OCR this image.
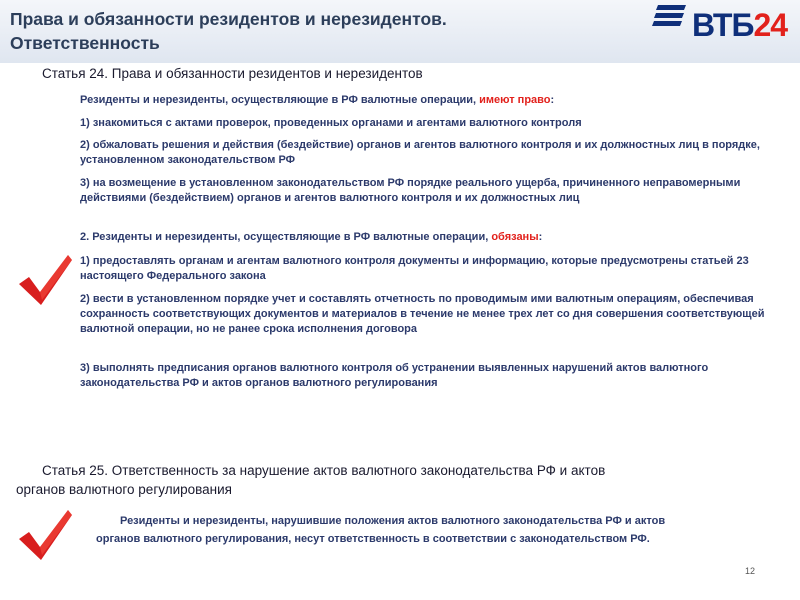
Права и обязанности резидентов и нерезидентов.
Ответственность	ВТБ24
Статья 24. Права и обязанности резидентов и нерезидентов
Резиденты и нерезиденты, осуществляющие в РФ валютные операции, имеют право:
1) знакомиться с актами проверок, проведенных органами и агентами валютного контроля
2) обжаловать решения и действия (бездействие) органов и агентов валютного контроля и их должностных лиц в порядке, установленном законодательством РФ
3) на возмещение в установленном законодательством РФ порядке реального ущерба, причиненного неправомерными действиями (бездействием) органов и агентов валютного контроля и их должностных лиц
2. Резиденты и нерезиденты, осуществляющие в РФ валютные операции, обязаны:
1) предоставлять органам и агентам валютного контроля документы и информацию, которые предусмотрены статьей 23 настоящего Федерального закона
2) вести в установленном порядке учет и составлять отчетность по проводимым ими валютным операциям, обеспечивая сохранность соответствующих документов и материалов в течение не менее трех лет со дня совершения соответствующей валютной операции, но не ранее срока исполнения договора
3) выполнять предписания органов валютного контроля об устранении выявленных нарушений актов валютного законодательства РФ и актов органов валютного регулирования
Статья 25. Ответственность за нарушение актов валютного законодательства РФ и актов
органов валютного регулирования
Резиденты и нерезиденты, нарушившие положения актов валютного законодательства РФ и актов
органов валютного регулирования, несут ответственность в соответствии с законодательством РФ.
12
